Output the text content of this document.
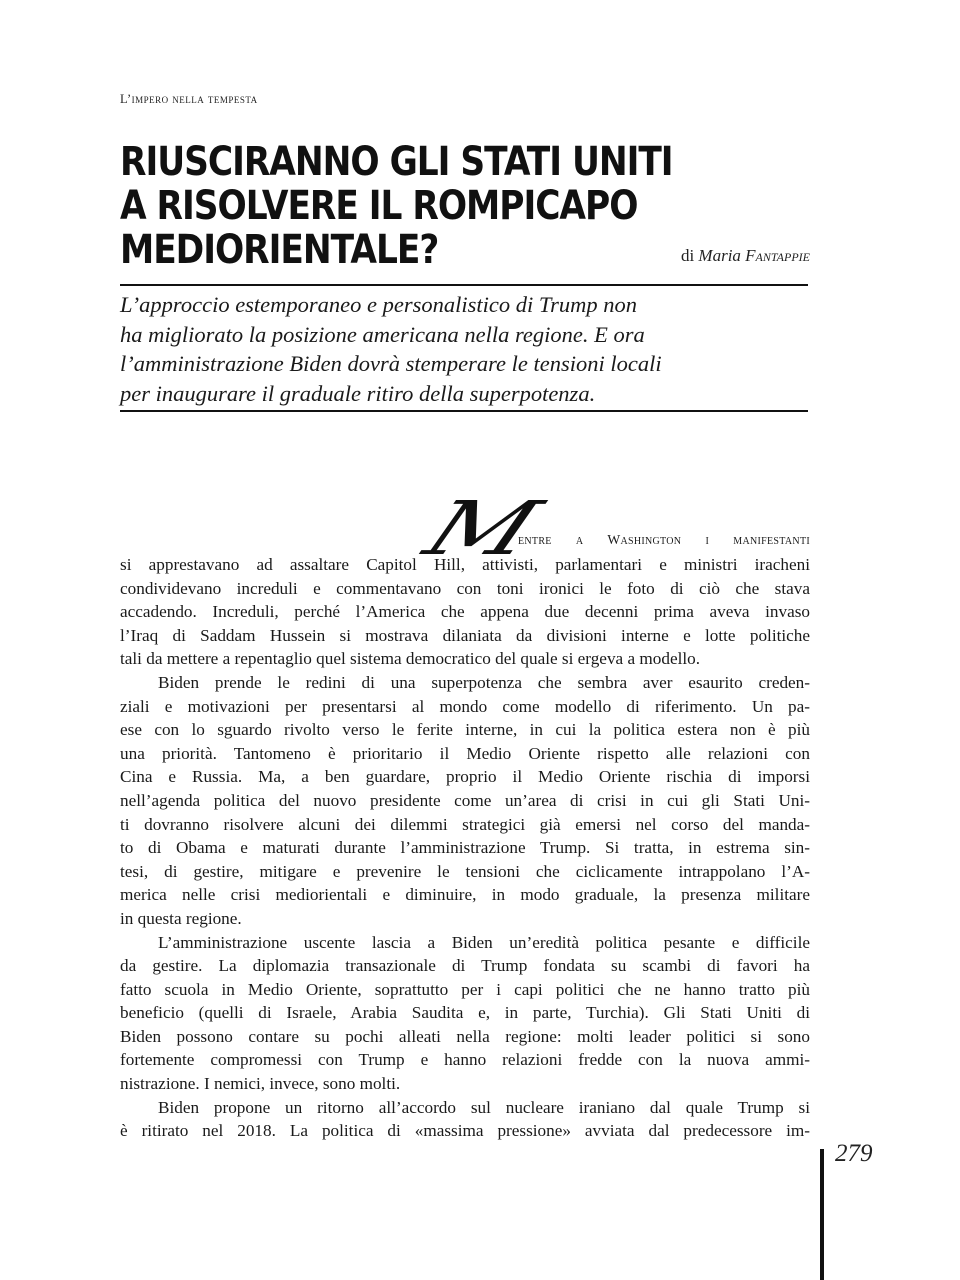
L’impero nella tempesta
RIUSCIRANNO GLI STATI UNITI
A RISOLVERE IL ROMPICAPO
MEDIORIENTALE?	di Maria Fantappie
L’approccio estemporaneo e personalistico di Trump non
ha migliorato la posizione americana nella regione. E ora
l’amministrazione Biden dovrà stemperare le tensioni locali
per inaugurare il graduale ritiro della superpotenza.
M
entre a Washington i manifestanti
si apprestavano ad assaltare Capitol Hill, attivisti, parlamentari e ministri iracheni
condividevano increduli e commentavano con toni ironici le foto di ciò che stava
accadendo. Increduli, perché l’America che appena due decenni prima aveva invaso
l’Iraq di Saddam Hussein si mostrava dilaniata da divisioni interne e lotte politiche
tali da mettere a repentaglio quel sistema democratico del quale si ergeva a modello.
Biden prende le redini di una superpotenza che sembra aver esaurito creden-
ziali e motivazioni per presentarsi al mondo come modello di riferimento. Un pa-
ese con lo sguardo rivolto verso le ferite interne, in cui la politica estera non è più
una priorità. Tantomeno è prioritario il Medio Oriente rispetto alle relazioni con
Cina e Russia. Ma, a ben guardare, proprio il Medio Oriente rischia di imporsi
nell’agenda politica del nuovo presidente come un’area di crisi in cui gli Stati Uni-
ti dovranno risolvere alcuni dei dilemmi strategici già emersi nel corso del manda-
to di Obama e maturati durante l’amministrazione Trump. Si tratta, in estrema sin-
tesi, di gestire, mitigare e prevenire le tensioni che ciclicamente intrappolano l’A-
merica nelle crisi mediorientali e diminuire, in modo graduale, la presenza militare
in questa regione.
L’amministrazione uscente lascia a Biden un’eredità politica pesante e difficile
da gestire. La diplomazia transazionale di Trump fondata su scambi di favori ha
fatto scuola in Medio Oriente, soprattutto per i capi politici che ne hanno tratto più
beneficio (quelli di Israele, Arabia Saudita e, in parte, Turchia). Gli Stati Uniti di
Biden possono contare su pochi alleati nella regione: molti leader politici si sono
fortemente compromessi con Trump e hanno relazioni fredde con la nuova ammi-
nistrazione. I nemici, invece, sono molti.
Biden propone un ritorno all’accordo sul nucleare iraniano dal quale Trump si
è ritirato nel 2018. La politica di «massima pressione» avviata dal predecessore im-
279
